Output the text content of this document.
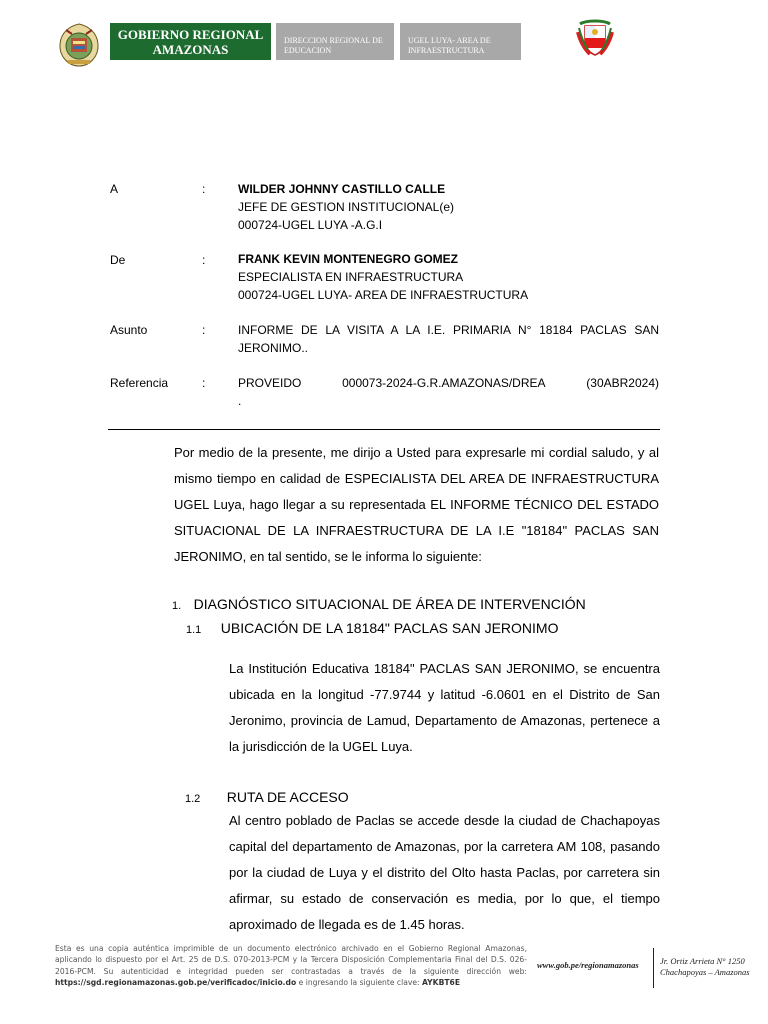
GOBIERNO REGIONAL
AMAZONAS
DIRECCION REGIONAL DE
EDUCACION
UGEL LUYA- AREA DE
INFRAESTRUCTURA
A	:	WILDER JOHNNY CASTILLO CALLE
JEFE DE GESTION INSTITUCIONAL(e)
000724-UGEL LUYA -A.G.I
De	:	FRANK KEVIN MONTENEGRO GOMEZ
ESPECIALISTA EN INFRAESTRUCTURA
000724-UGEL LUYA- AREA DE INFRAESTRUCTURA
Asunto	:	INFORME DE LA VISITA A LA I.E. PRIMARIA N° 18184 PACLAS SAN JERONIMO..
Referencia	:	PROVEIDO	000073-2024-G.R.AMAZONAS/DREA	(30ABR2024)
.
Por medio de la presente, me dirijo a Usted para expresarle mi cordial saludo, y al mismo tiempo en calidad de ESPECIALISTA DEL AREA DE INFRAESTRUCTURA UGEL Luya, hago llegar a su representada EL INFORME TÉCNICO DEL ESTADO SITUACIONAL DE LA INFRAESTRUCTURA DE LA I.E "18184" PACLAS SAN JERONIMO, en tal sentido, se le informa lo siguiente:
1. DIAGNÓSTICO SITUACIONAL DE ÁREA DE INTERVENCIÓN
1.1 UBICACIÓN DE LA 18184" PACLAS SAN JERONIMO
La Institución Educativa 18184" PACLAS SAN JERONIMO, se encuentra ubicada en la longitud -77.9744 y latitud -6.0601 en el Distrito de San Jeronimo, provincia de Lamud, Departamento de Amazonas, pertenece a la jurisdicción de la UGEL Luya.
1.2 RUTA DE ACCESO
Al centro poblado de Paclas se accede desde la ciudad de Chachapoyas capital del departamento de Amazonas, por la carretera AM 108, pasando por la ciudad de Luya y el distrito del Olto hasta Paclas, por carretera sin afirmar, su estado de conservación es media, por lo que, el tiempo aproximado de llegada es de 1.45 horas.
Esta es una copia auténtica imprimible de un documento electrónico archivado en el Gobierno Regional Amazonas, aplicando lo dispuesto por el Art. 25 de D.S. 070-2013-PCM y la Tercera Disposición Complementaria Final del D.S. 026-2016-PCM. Su autenticidad e integridad pueden ser contrastadas a través de la siguiente dirección web: https://sgd.regionamazonas.gob.pe/verificadoc/inicio.do e ingresando la siguiente clave: AYKBT6E
www.gob.pe/regionamazonas	Jr. Ortiz Arrieta N° 1250
Chachapoyas – Amazonas
